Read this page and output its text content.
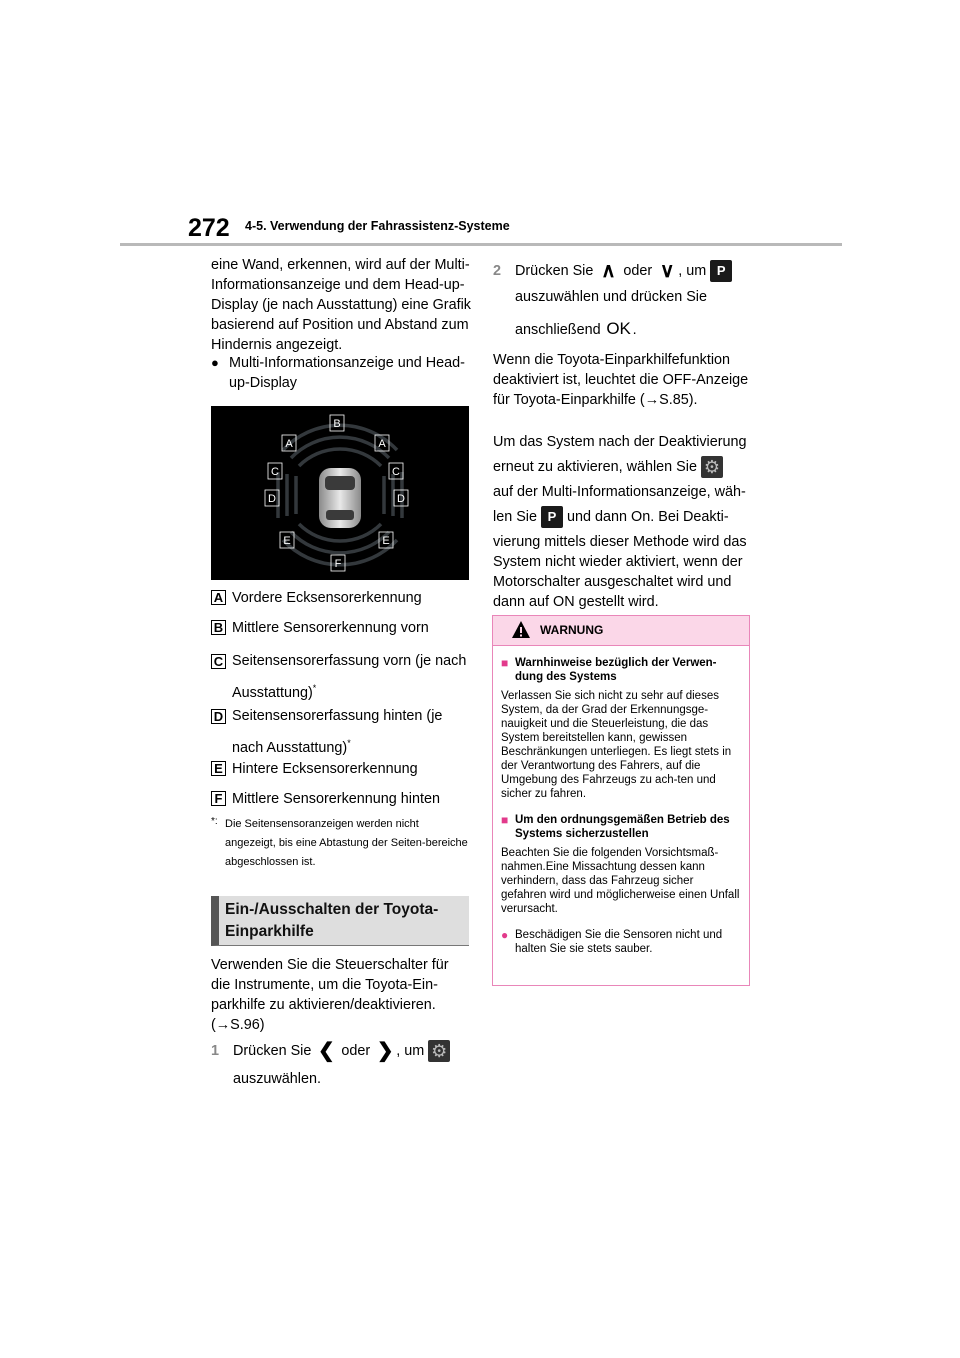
272 4-5. Verwendung der Fahrassistenz-Systeme

eine Wand, erkennen, wird auf der Multi-Informationsanzeige und dem Head-up-Display (je nach Ausstattung) eine Grafik basierend auf Position und Abstand zum Hindernis angezeigt.

● Multi-Informationsanzeige und Head-up-Display
B
A	A
C	C
D	D
E	E
F
A Vordere Ecksensorerkennung
B Mittlere Sensorerkennung vorn
C Seitensensorerfassung vorn (je nach Ausstattung)*
D Seitensensorerfassung hinten (je nach Ausstattung)*
E Hintere Ecksensorerkennung
F Mittlere Sensorerkennung hinten
*: Die Seitensensoranzeigen werden nicht angezeigt, bis eine Abtastung der Seiten-bereiche abgeschlossen ist.
Ein-/Ausschalten der Toyota-Einparkhilfe

Verwenden Sie die Steuerschalter für die Instrumente, um die Toyota-Ein-parkhilfe zu aktivieren/deaktivieren. (→S.96)

1 Drücken Sie ❮ oder ❯ , um ⚙
auszuwählen.
2 Drücken Sie ∧ oder ∨ , um P
auszuwählen und drücken Sie
anschließend OK .

Wenn die Toyota-Einparkhilfefunktion deaktiviert ist, leuchtet die OFF-Anzeige für Toyota-Einparkhilfe (→S.85).

Um das System nach der Deaktivierung
erneut zu aktivieren, wählen Sie ⚙
auf der Multi-Informationsanzeige, wäh-
len Sie P und dann On. Bei Deakti-
vierung mittels dieser Methode wird das System nicht wieder aktiviert, wenn der Motorschalter ausgeschaltet wird und dann auf ON gestellt wird.
WARNUNG
■ Warnhinweise bezüglich der Verwen-dung des Systems
Verlassen Sie sich nicht zu sehr auf dieses System, da der Grad der Erkennungsge-nauigkeit und die Steuerleistung, die das System bereitstellen kann, gewissen Beschränkungen unterliegen. Es liegt stets in der Verantwortung des Fahrers, auf die Umgebung des Fahrzeugs zu ach-ten und sicher zu fahren.
■ Um den ordnungsgemäßen Betrieb des Systems sicherzustellen
Beachten Sie die folgenden Vorsichtsmaß-nahmen.Eine Missachtung dessen kann verhindern, dass das Fahrzeug sicher gefahren wird und möglicherweise einen Unfall verursacht.
● Beschädigen Sie die Sensoren nicht und halten Sie sie stets sauber.
